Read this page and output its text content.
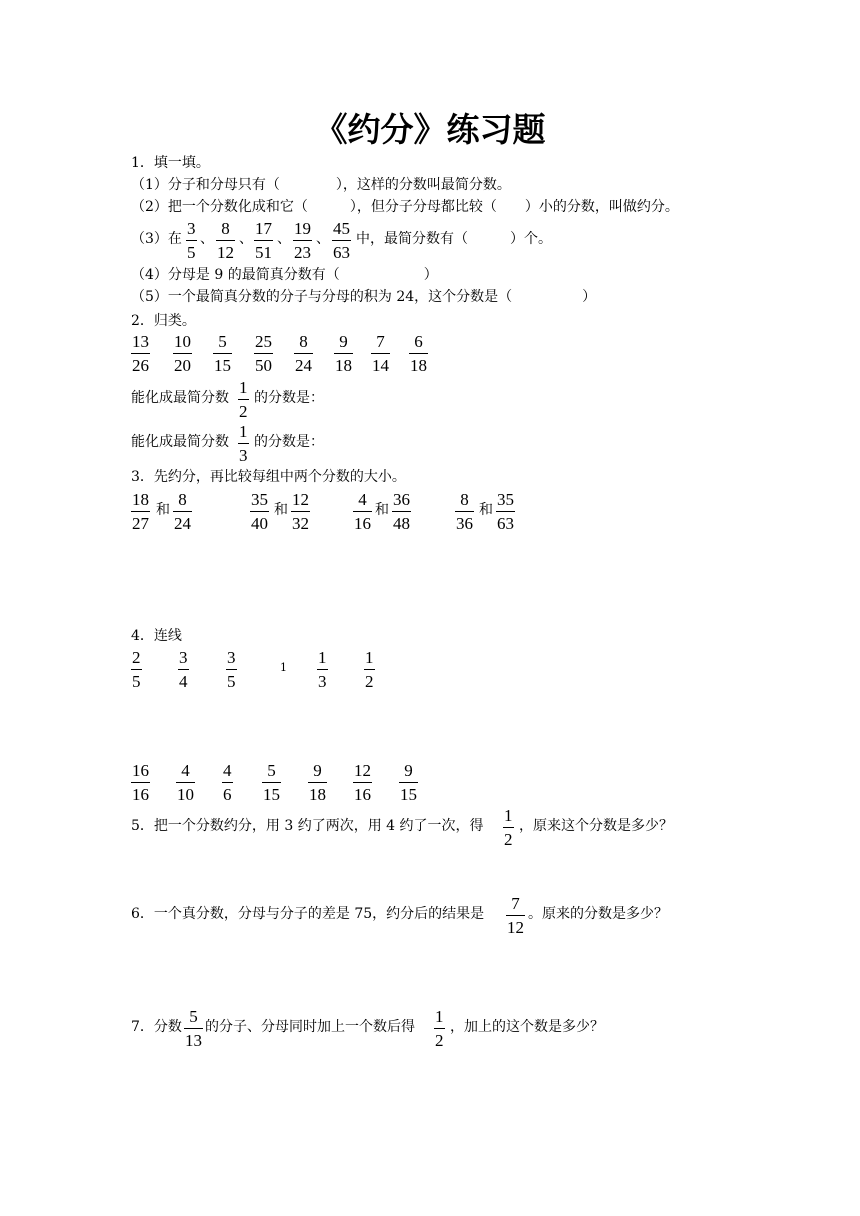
《约分》练习题
1．填一填。
（1）分子和分母只有（　　　　），这样的分数叫最简分数。
（2）把一个分数化成和它（　　　），但分子分母都比较（　　）小的分数，叫做约分。
（3）在
3
5
、
8
12
、
17
51
、
19
23
、
45
63
中，最简分数有（　　　）个。
（4）分母是 9 的最简真分数有（　　　　　　）
（5）一个最简真分数的分子与分母的积为 24，这个分数是（　　　　　）
2．归类。
13
26
10
20
5
15
25
50
8
24
9
18
7
14
6
18
能化成最简分数
1
2
的分数是：
能化成最简分数
1
3
的分数是：
3．先约分，再比较每组中两个分数的大小。
18
27
和
8
24
35
40
和
12
32
4
16
和
36
48
8
36
和
35
63
4．连线
2
5
3
4
3
5
1
1
3
1
2
16
16
4
10
4
6
5
15
9
18
12
16
9
15
5．把一个分数约分，用 3 约了两次，用 4 约了一次，得
1
2
，原来这个分数是多少？
6．一个真分数，分母与分子的差是 75，约分后的结果是
7
12
。原来的分数是多少？
7．分数
5
13
的分子、分母同时加上一个数后得
1
2
，加上的这个数是多少？
